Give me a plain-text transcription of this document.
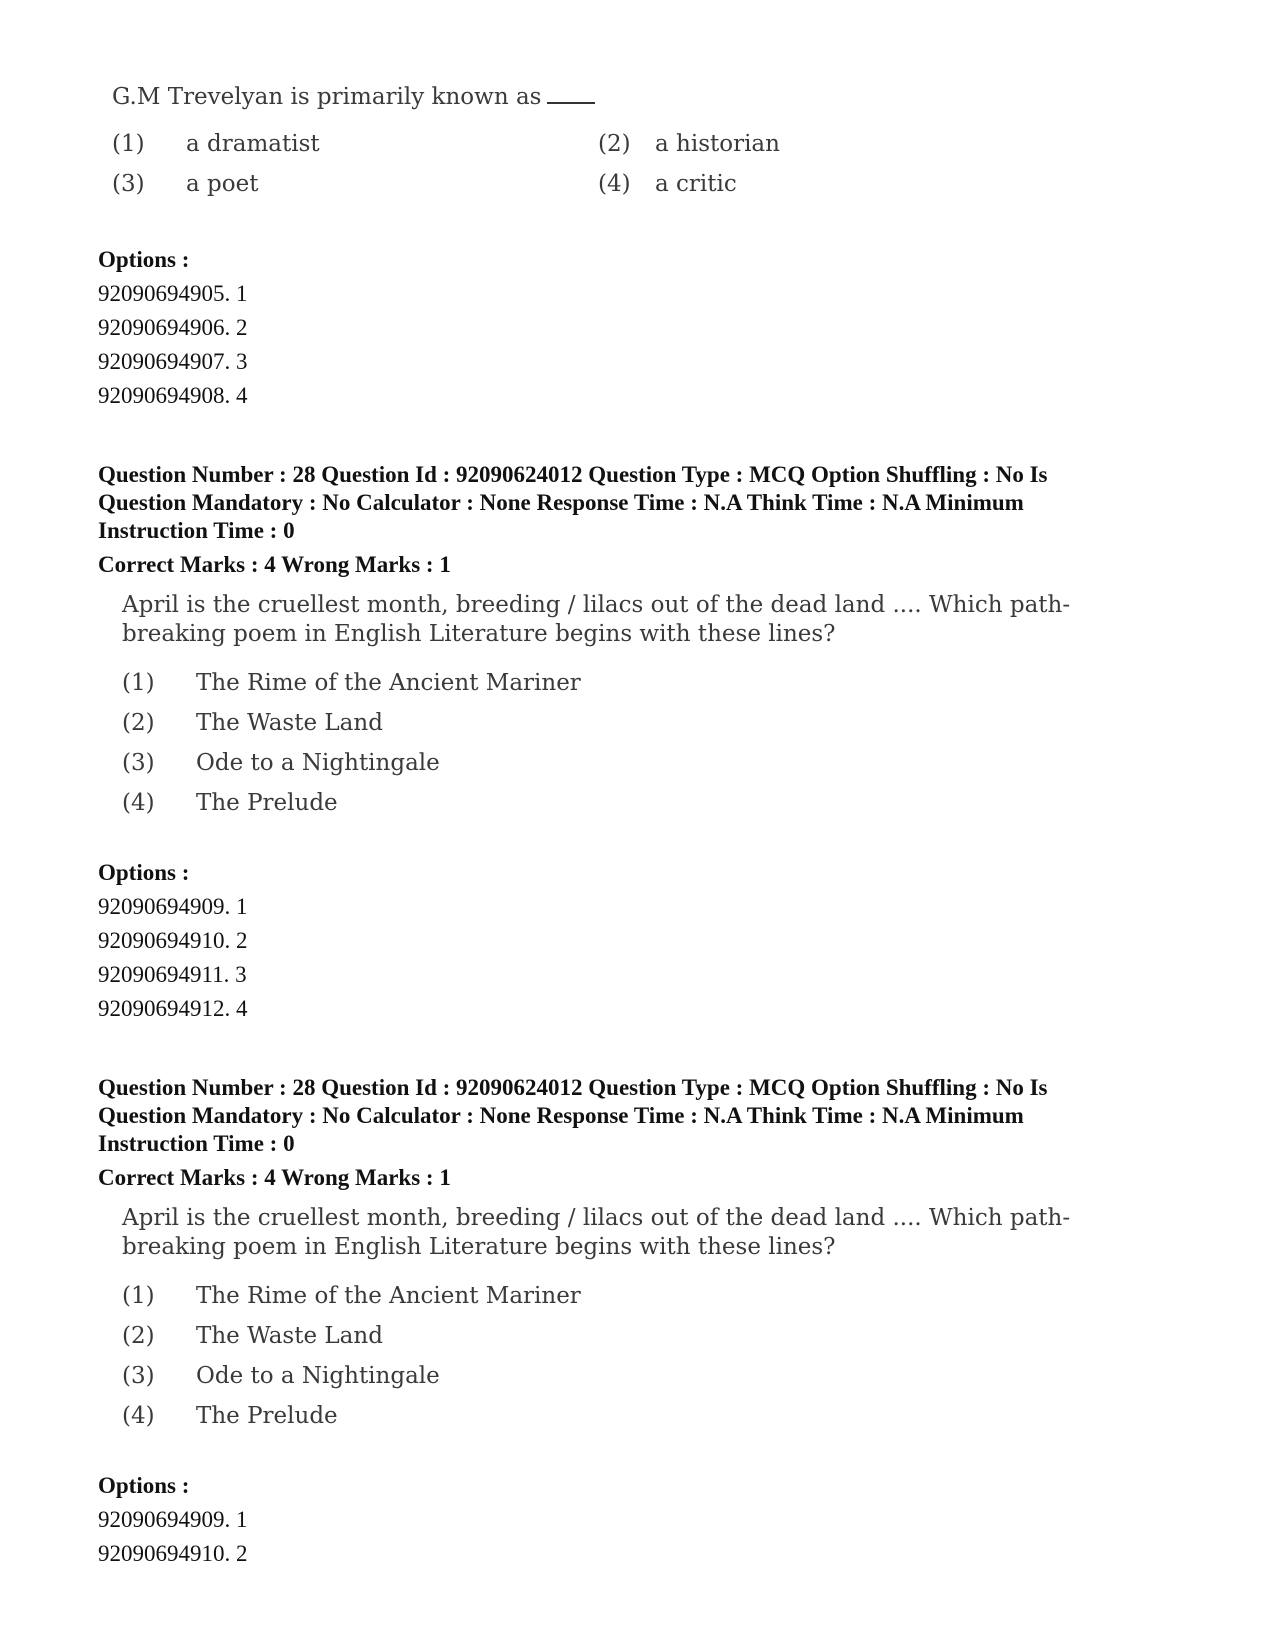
G.M Trevelyan is primarily known as
(1) a dramatist	(2) a historian
(3) a poet	(4) a critic
Options :
92090694905. 1
92090694906. 2
92090694907. 3
92090694908. 4
Question Number : 28 Question Id : 92090624012 Question Type : MCQ Option Shuffling : No Is
Question Mandatory : No Calculator : None Response Time : N.A Think Time : N.A Minimum
Instruction Time : 0
Correct Marks : 4 Wrong Marks : 1
April is the cruellest month, breeding / lilacs out of the dead land .... Which path-
breaking poem in English Literature begins with these lines?
(1) The Rime of the Ancient Mariner
(2) The Waste Land
(3) Ode to a Nightingale
(4) The Prelude
Options :
92090694909. 1
92090694910. 2
92090694911. 3
92090694912. 4
Question Number : 28 Question Id : 92090624012 Question Type : MCQ Option Shuffling : No Is
Question Mandatory : No Calculator : None Response Time : N.A Think Time : N.A Minimum
Instruction Time : 0
Correct Marks : 4 Wrong Marks : 1
April is the cruellest month, breeding / lilacs out of the dead land .... Which path-
breaking poem in English Literature begins with these lines?
(1) The Rime of the Ancient Mariner
(2) The Waste Land
(3) Ode to a Nightingale
(4) The Prelude
Options :
92090694909. 1
92090694910. 2
